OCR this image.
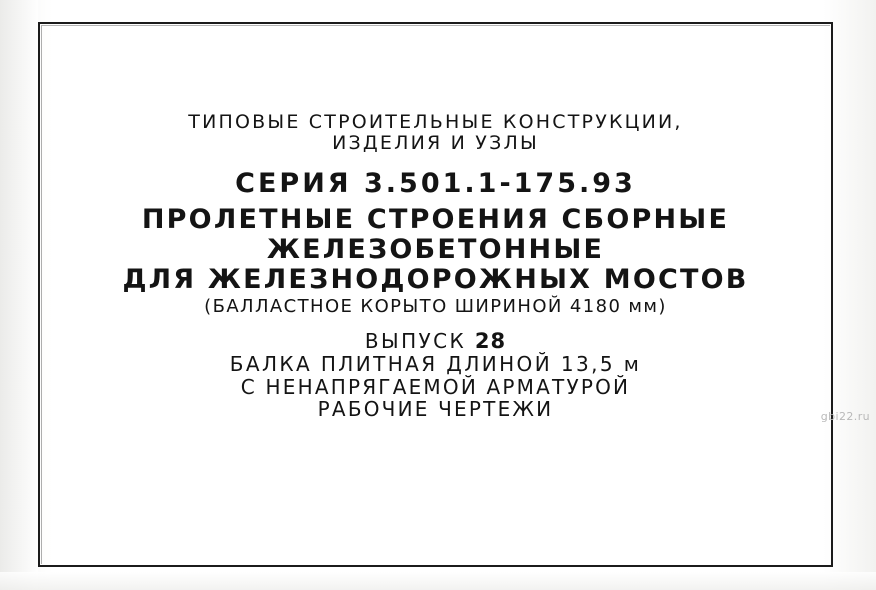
ТИПОВЫЕ СТРОИТЕЛЬНЫЕ КОНСТРУКЦИИ,
ИЗДЕЛИЯ И УЗЛЫ
СЕРИЯ 3.501.1-175.93
ПРОЛЕТНЫЕ СТРОЕНИЯ СБОРНЫЕ
ЖЕЛЕЗОБЕТОННЫЕ
ДЛЯ ЖЕЛЕЗНОДОРОЖНЫХ МОСТОВ
(БАЛЛАСТНОЕ КОРЫТО ШИРИНОЙ 4180 мм)
ВЫПУСК 28
БАЛКА ПЛИТНАЯ ДЛИНОЙ 13,5 м
С НЕНАПРЯГАЕМОЙ АРМАТУРОЙ
РАБОЧИЕ ЧЕРТЕЖИ	gbi22.ru
